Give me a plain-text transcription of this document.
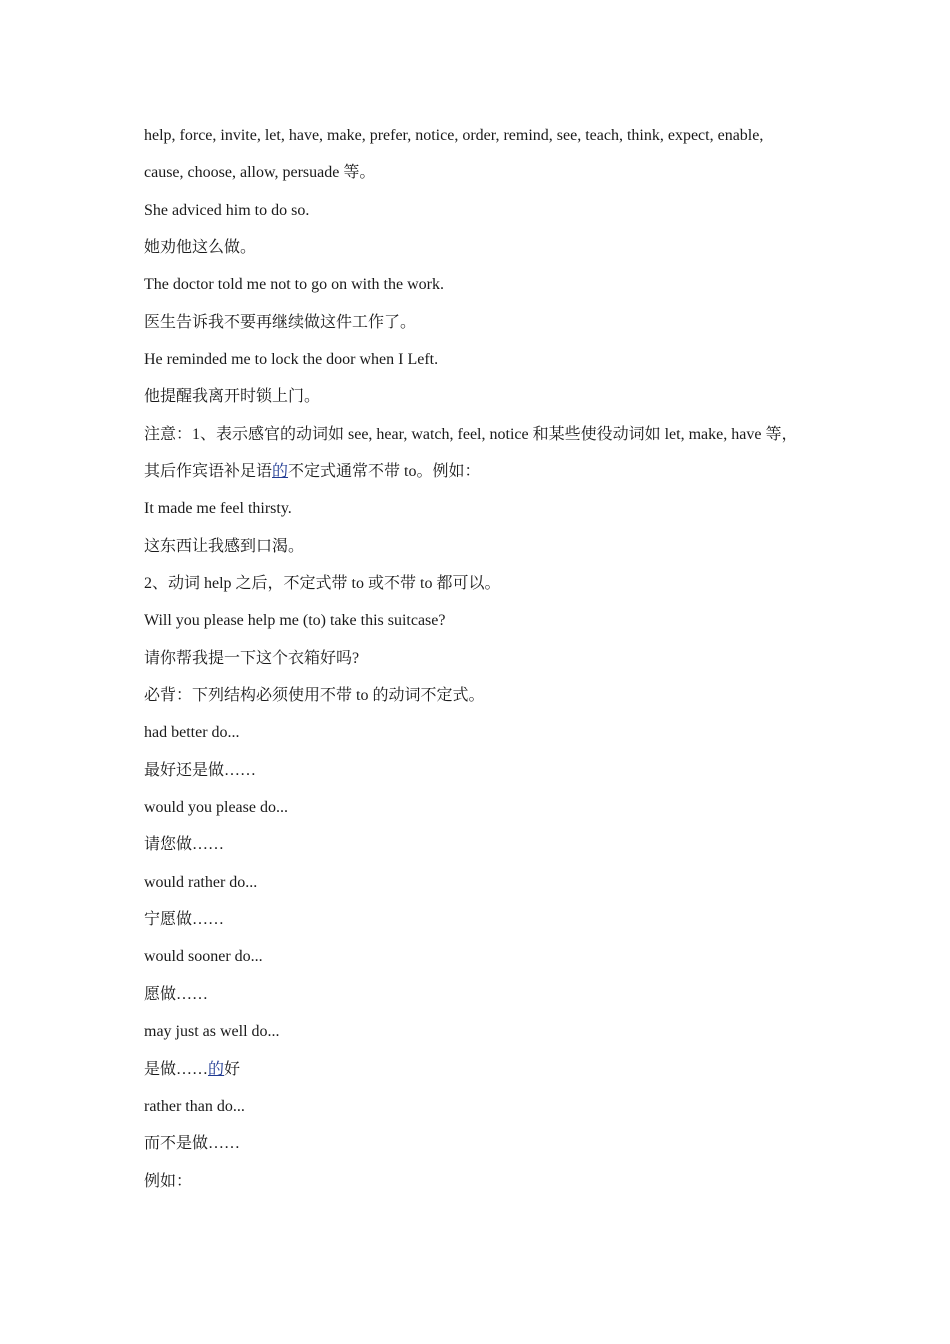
help, force, invite, let, have, make, prefer, notice, order, remind, see, teach, think, expect, enable,
cause, choose, allow, persuade 等。
She adviced him to do so.
她劝他这么做。
The doctor told me not to go on with the work.
医生告诉我不要再继续做这件工作了。
He reminded me to lock the door when I Left.
他提醒我离开时锁上门。
注意：1、表示感官的动词如 see, hear, watch, feel, notice 和某些使役动词如 let, make, have 等，
其后作宾语补足语的不定式通常不带 to。例如：
It made me feel thirsty.
这东西让我感到口渴。
2、动词 help 之后，不定式带 to 或不带 to 都可以。
Will you please help me (to) take this suitcase?
请你帮我提一下这个衣箱好吗?
必背：下列结构必须使用不带 to 的动词不定式。
had better do...
最好还是做……
would you please do...
请您做……
would rather do...
宁愿做……
would sooner do...
愿做……
may just as well do...
是做……的好
rather than do...
而不是做……
例如：
